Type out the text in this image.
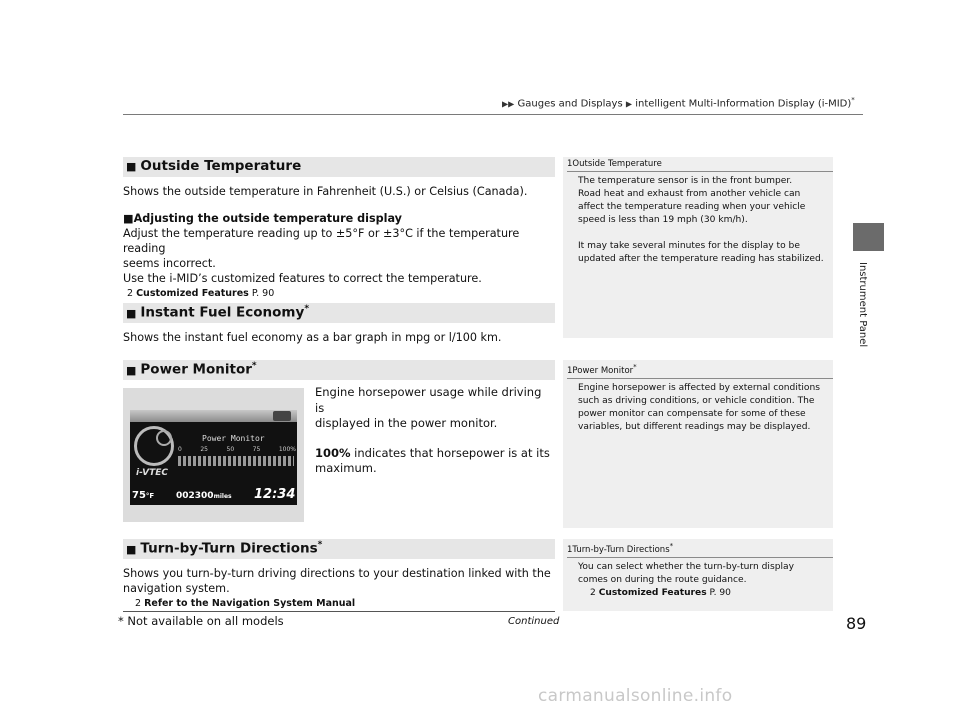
▶▶ Gauges and Displays ▶ intelligent Multi-Information Display (i-MID)*
Instrument Panel
■ Outside Temperature
Shows the outside temperature in Fahrenheit (U.S.) or Celsius (Canada).
■Adjusting the outside temperature display
Adjust the temperature reading up to ±5°F or ±3°C if the temperature reading
seems incorrect.
Use the i-MID’s customized features to correct the temperature.
2 Customized Features P. 90
■ Instant Fuel Economy*
Shows the instant fuel economy as a bar graph in mpg or l/100 km.
■ Power Monitor*
i-VTEC
Power Monitor
0	25	50	75	100%
75°F 002300miles 12:34
Engine horsepower usage while driving is
displayed in the power monitor.
100% indicates that horsepower is at its
maximum.
■ Turn-by-Turn Directions*
Shows you turn-by-turn driving directions to your destination linked with the
navigation system.
2 Refer to the Navigation System Manual
1Outside Temperature
The temperature sensor is in the front bumper.
Road heat and exhaust from another vehicle can
affect the temperature reading when your vehicle
speed is less than 19 mph (30 km/h).
It may take several minutes for the display to be
updated after the temperature reading has stabilized.
1Power Monitor*
Engine horsepower is affected by external conditions
such as driving conditions, or vehicle condition. The
power monitor can compensate for some of these
variables, but different readings may be displayed.
1Turn-by-Turn Directions*
You can select whether the turn-by-turn display
comes on during the route guidance.
2 Customized Features P. 90
* Not available on all models	Continued	89
carmanualsonline.info
